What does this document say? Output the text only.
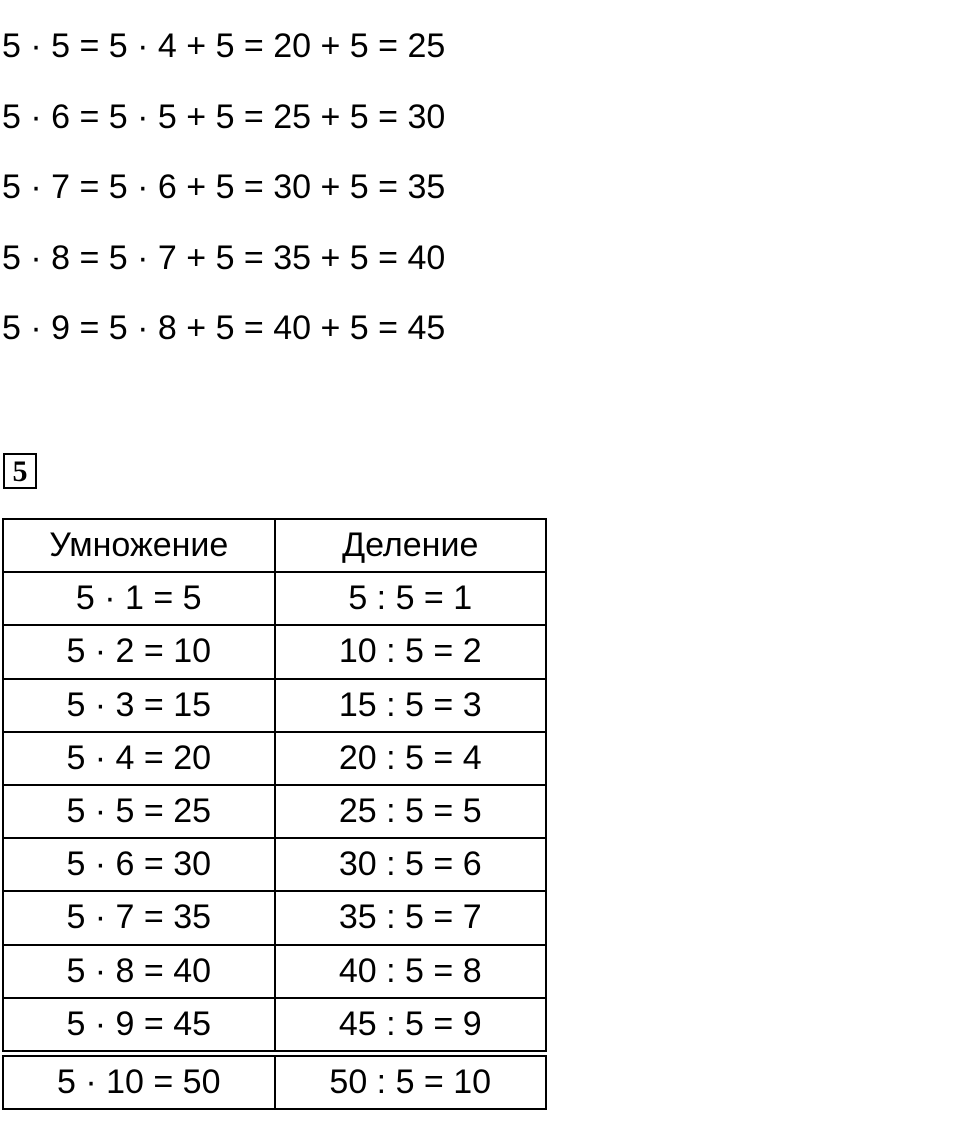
5 · 5 = 5 · 4 + 5 = 20 + 5 = 25
5 · 6 = 5 · 5 + 5 = 25 + 5 = 30
5 · 7 = 5 · 6 + 5 = 30 + 5 = 35
5 · 8 = 5 · 7 + 5 = 35 + 5 = 40
5 · 9 = 5 · 8 + 5 = 40 + 5 = 45
5
Умножение	Деление
5 · 1 = 5	5 : 5 = 1
5 · 2 = 10	10 : 5 = 2
5 · 3 = 15	15 : 5 = 3
5 · 4 = 20	20 : 5 = 4
5 · 5 = 25	25 : 5 = 5
5 · 6 = 30	30 : 5 = 6
5 · 7 = 35	35 : 5 = 7
5 · 8 = 40	40 : 5 = 8
5 · 9 = 45	45 : 5 = 9
5 · 10 = 50	50 : 5 = 10
